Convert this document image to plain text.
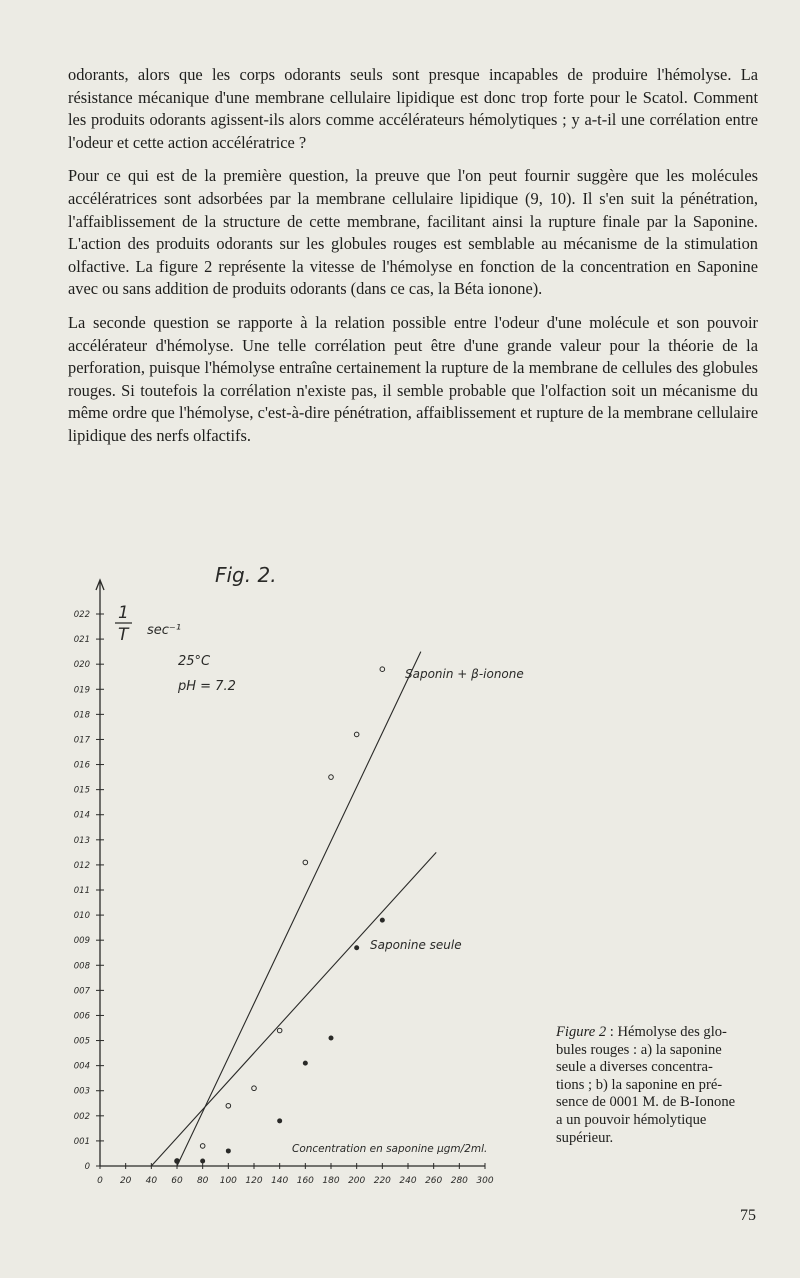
odorants, alors que les corps odorants seuls sont presque incapables de produire l'hémolyse. La résistance mécanique d'une membrane cellulaire lipidique est donc trop forte pour le Scatol. Comment les produits odorants agissent-ils alors comme accélérateurs hémolytiques ; y a-t-il une corrélation entre l'odeur et cette action accélératrice ?

Pour ce qui est de la première question, la preuve que l'on peut fournir suggère que les molécules accélératrices sont adsorbées par la membrane cellulaire lipidique (9, 10). Il s'en suit la pénétration, l'affaiblissement de la structure de cette membrane, facilitant ainsi la rupture finale par la Saponine. L'action des produits odorants sur les globules rouges est semblable au mécanisme de la stimulation olfactive. La figure 2 représente la vitesse de l'hémolyse en fonction de la concentration en Saponine avec ou sans addition de produits odorants (dans ce cas, la Béta ionone).

La seconde question se rapporte à la relation possible entre l'odeur d'une molécule et son pouvoir accélérateur d'hémolyse. Une telle corrélation peut être d'une grande valeur pour la théorie de la perforation, puisque l'hémolyse entraîne certainement la rupture de la membrane de cellules des globules rouges. Si toutefois la corrélation n'existe pas, il semble probable que l'olfaction soit un mécanisme du même ordre que l'hémolyse, c'est-à-dire pénétration, affaiblissement et rupture de la membrane cellulaire lipidique des nerfs olfactifs.

0
001
002
003
004
005
006
007
008
009
010
011
012
013
014
015
016
017
018
019
020
021
022
0 20 40 60 80 100 120 140 160 180 200 220 240 260 280 300
Fig. 2.
1
T sec⁻¹
25°C
pH = 7.2
Saponin + β-ionone
Saponine seule
Concentration en saponine μgm/2ml.
Figure 2 : Hémolyse des glo-
bules rouges : a) la saponine
seule a diverses concentra-
tions ; b) la saponine en pré-
sence de 0001 M. de B-Ionone
a un pouvoir hémolytique
supérieur.
75
